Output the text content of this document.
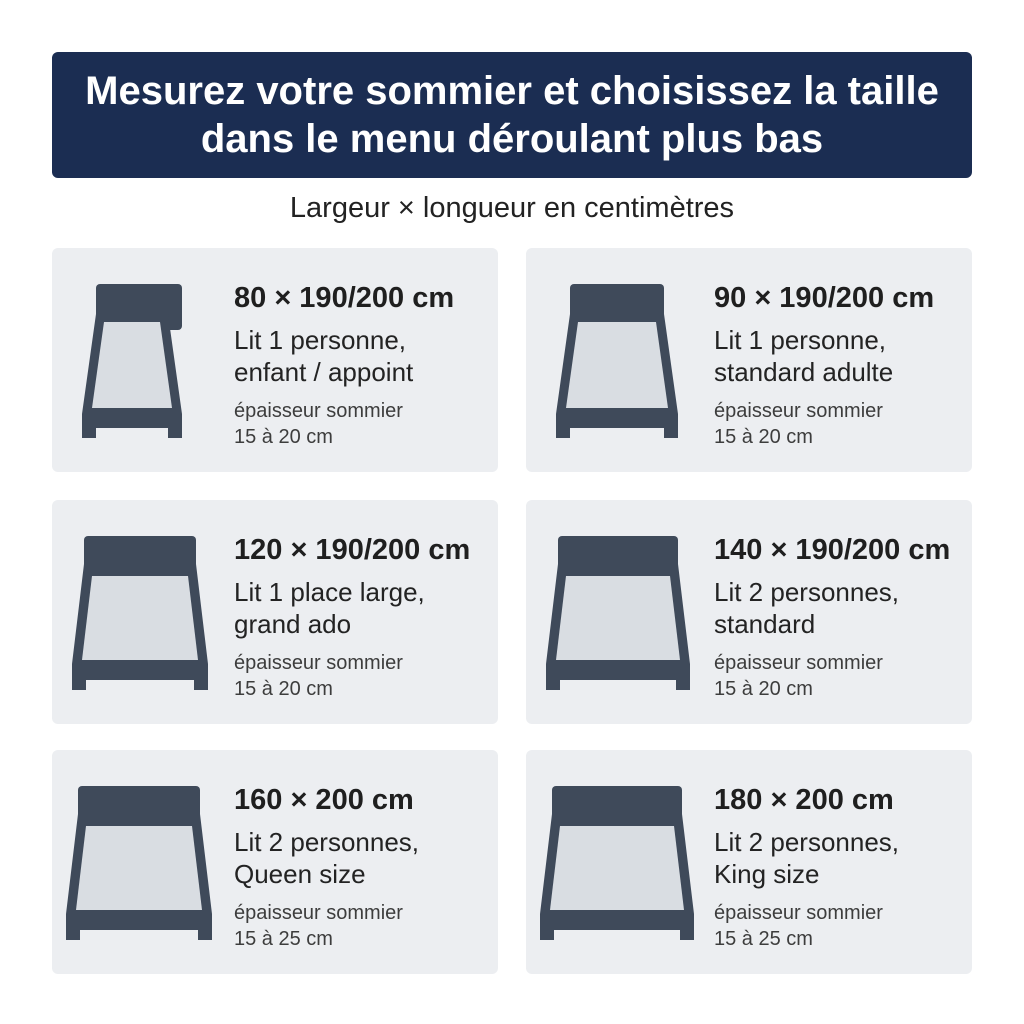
Mesurez votre sommier et choisissez la taille
dans le menu déroulant plus bas
Largeur × longueur en centimètres
80 × 190/200 cm
Lit 1 personne,
enfant / appoint
épaisseur sommier
15 à 20 cm
90 × 190/200 cm
Lit 1 personne,
standard adulte
épaisseur sommier
15 à 20 cm
120 × 190/200 cm
Lit 1 place large,
grand ado
épaisseur sommier
15 à 20 cm
140 × 190/200 cm
Lit 2 personnes,
standard
épaisseur sommier
15 à 20 cm
160 × 200 cm
Lit 2 personnes,
Queen size
épaisseur sommier
15 à 25 cm
180 × 200 cm
Lit 2 personnes,
King size
épaisseur sommier
15 à 25 cm
